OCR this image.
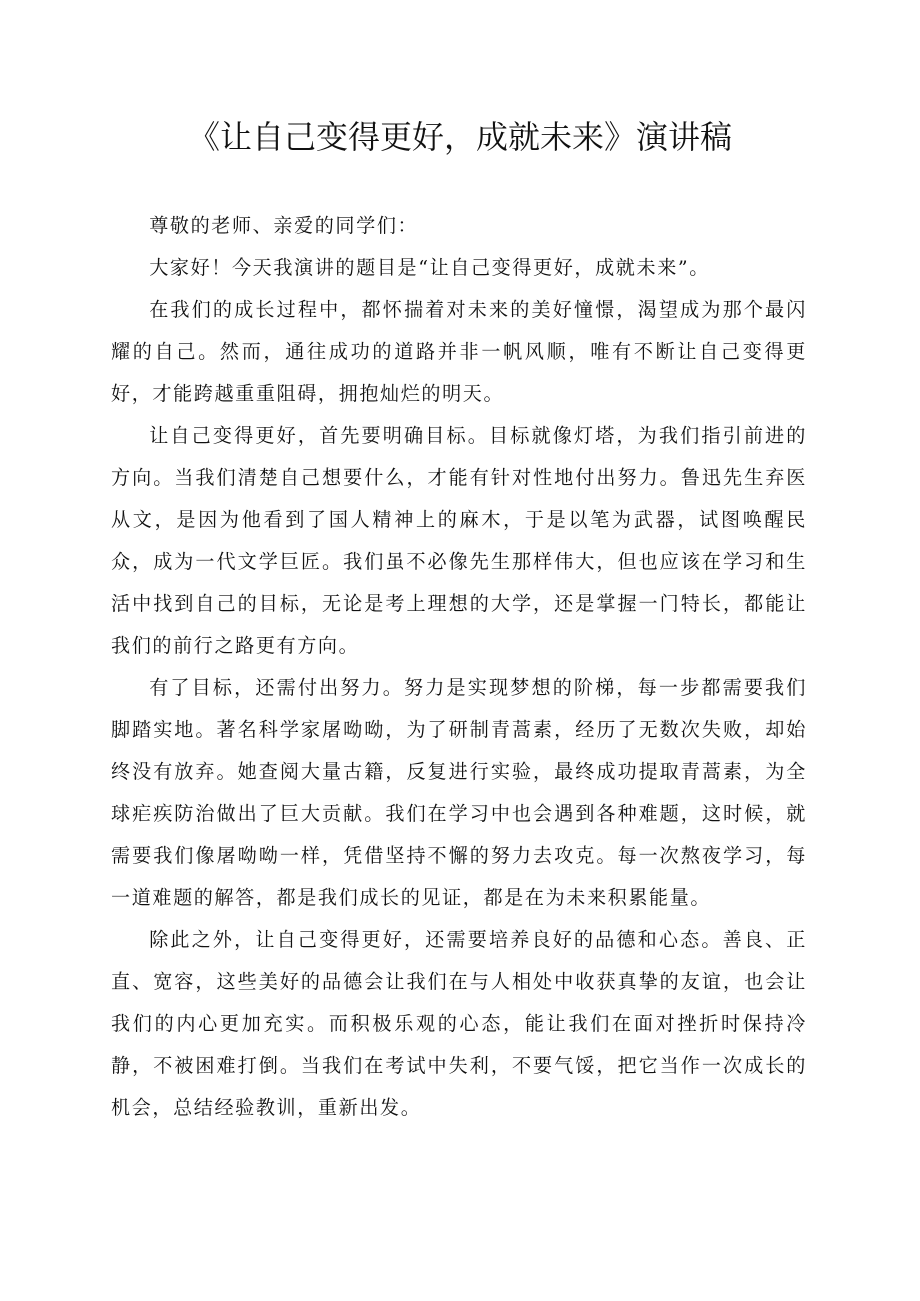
《让自己变得更好，成就未来》演讲稿

尊敬的老师、亲爱的同学们：

大家好！今天我演讲的题目是“让自己变得更好，成就未来”。

在我们的成长过程中，都怀揣着对未来的美好憧憬，渴望成为那个最闪耀的自己。然而，通往成功的道路并非一帆风顺，唯有不断让自己变得更好，才能跨越重重阻碍，拥抱灿烂的明天。

让自己变得更好，首先要明确目标。目标就像灯塔，为我们指引前进的方向。当我们清楚自己想要什么，才能有针对性地付出努力。鲁迅先生弃医从文，是因为他看到了国人精神上的麻木，于是以笔为武器，试图唤醒民众，成为一代文学巨匠。我们虽不必像先生那样伟大，但也应该在学习和生活中找到自己的目标，无论是考上理想的大学，还是掌握一门特长，都能让我们的前行之路更有方向。

有了目标，还需付出努力。努力是实现梦想的阶梯，每一步都需要我们脚踏实地。著名科学家屠呦呦，为了研制青蒿素，经历了无数次失败，却始终没有放弃。她查阅大量古籍，反复进行实验，最终成功提取青蒿素，为全球疟疾防治做出了巨大贡献。我们在学习中也会遇到各种难题，这时候，就需要我们像屠呦呦一样，凭借坚持不懈的努力去攻克。每一次熬夜学习，每一道难题的解答，都是我们成长的见证，都是在为未来积累能量。

除此之外，让自己变得更好，还需要培养良好的品德和心态。善良、正直、宽容，这些美好的品德会让我们在与人相处中收获真挚的友谊，也会让我们的内心更加充实。而积极乐观的心态，能让我们在面对挫折时保持冷静，不被困难打倒。当我们在考试中失利，不要气馁，把它当作一次成长的机会，总结经验教训，重新出发。
